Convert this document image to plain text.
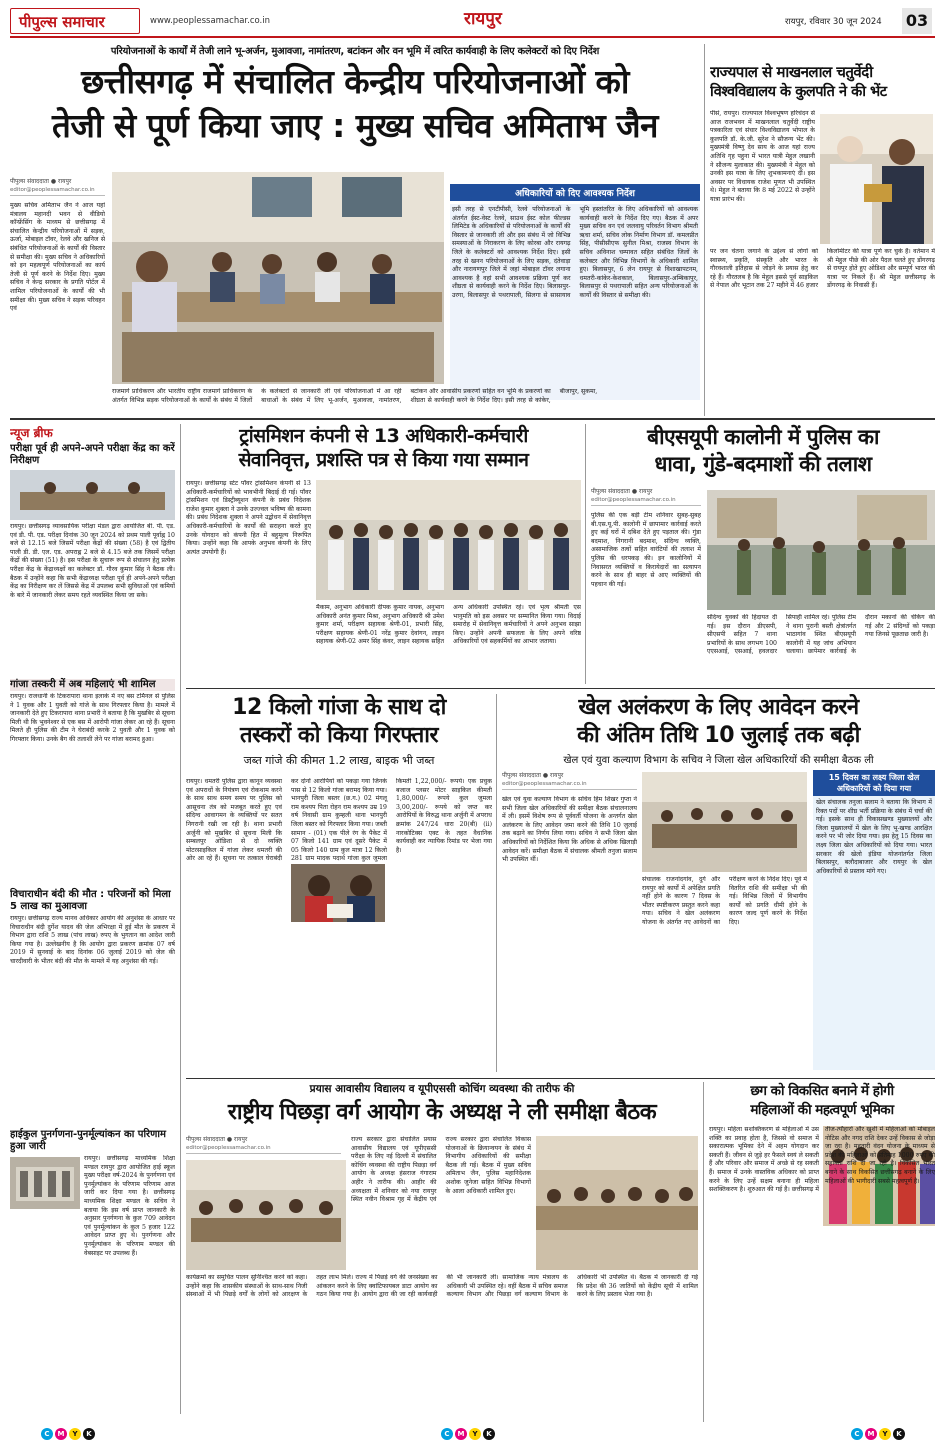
पीपुल्स समाचार	www.peoplessamachar.co.in	रायपुर	रायपुर, रविवार 30 जून 2024 03
परियोजनाओं के कार्यों में तेजी लाने भू-अर्जन, मुआवजा, नामांतरण, बटांकन और वन भूमि में त्वरित कार्यवाही के लिए कलेक्टरों को दिए निर्देश
छत्तीसगढ़ में संचालित केन्द्रीय परियोजनाओं को
तेजी से पूर्ण किया जाए : मुख्य सचिव अमिताभ जैन
पीपुल्स संवाददाता ● रायपुर
editor@peoplessamachar.co.in
मुख्य सचिव अमिताभ जैन ने आज यहां मंत्रालय महानदी भवन से वीडियो कॉन्फ्रेंसिंग के माध्यम से छत्तीसगढ़ में संचालित केन्द्रीय परियोजनाओं में सड़क, ऊर्जा, मोबाइल टॉवर, रेलवे और खनिज से संबंधित परियोजनाओं के कार्यों की विस्तार से समीक्षा की। मुख्य सचिव ने अधिकारियों को इन महत्वपूर्ण परियोजनाओं का कार्य तेजी से पूर्ण करने के निर्देश दिए। मुख्य सचिव ने केन्द्र सरकार के प्रगति पोर्टल में शामिल परियोजनाओं के कार्यों की भी समीक्षा की। मुख्य सचिव ने सड़क परिवहन एवं
अधिकारियों को दिए आवश्यक निर्देश
इसी तरह से एनटीपीसी, रेलवे परियोजनाओं के अंतर्गत ईस्ट-वेस्ट रेलवे, साउथ ईस्ट कोल फील्डस लिमिटेड के अधिकारियों से परियोजनाओं के कार्यों की विस्तार से जानकारी ली और इस संबंध में जो विभिन्न समस्याओं के निराकरण के लिए कोरबा और रायगढ़ जिले के कलेक्टरों को आवश्यक निर्देश दिए। इसी तरह से खनन परियोजनाओं के लिए सड़क, दंतेवाड़ा और नारायणपुर जिले में जहां मोबाइल टॉवर लगाना आवश्यक है वहां सभी आवश्यक प्रक्रिया पूर्ण कर शीघ्रता से कार्यवाही करने के निर्देश दिए। बिलासपुर-उरगा, बिलासपुर से पथरापाली, सिलगा से सासायाव भूमि हस्तांतरित के लिए अधिकारियों को आवश्यक कार्यवाही करने के निर्देश दिए गए। बैठक में अपर मुख्य सचिव वन एवं जलवायु परिवर्तन विभाग श्रीमती ऋचा शर्मा, सचिव लोक निर्माण विभाग डॉ. कमलप्रीत सिंह, पीसीसीएफ सुनील मिश्रा, राजस्व विभाग के सचिव अविनाश चम्पावत सहित संबंधित जिलों के कलेक्टर और विभिन्न विभागों के अधिकारी शामिल हुए। बिलासपुर, 6 लेन रायपुर से विशाखापटनम, धमतरी-कांकेर-केशकाल, बिलासपुर-अम्बिकापुर, बिलासपुर से पथरापाली सहित अन्य परियोजनाओं के कार्यों की विस्तार से समीक्षा की।
राजमार्ग प्राधिकरण और भारतीय राष्ट्रीय राजमार्ग प्राधिकरण के अंतर्गत विभिन्न सड़क परियोजनाओं के कार्यों के संबंध में जिलों के कलेक्टरों से जानकारी ली एवं परियोजनाओं में आ रही बाधाओं के संबंध में लिए भू-अर्जन, मुआवजा, नामांतरण, बटांकन और आवासीय प्रकरणों सहित वन भूमि के प्रकरणों का शीघ्रता से कार्यवाही करने के निर्देश दिए। इसी तरह से कांकेर, बीजापुर, सुकमा,
राज्यपाल से माखनलाल चतुर्वेदी
विश्वविद्यालय के कुलपति ने की भेंट
पीसं, रायपुर। राज्यपाल विश्वभूषण हरिचंदन से आज राजभवन में माखनलाल चतुर्वेदी राष्ट्रीय पत्रकारिता एवं संचार विश्वविद्यालय भोपाल के कुलपति डॉ. के.जी. सुरेश ने सौजन्य भेंट की। मुख्यमंत्री विष्णु देव साय के आज यहां राज्य अतिथि गृह पहुना में भारत यात्री मेहुल लखानी ने सौजन्य मुलाकात की। मुख्यमंत्री ने मेहुल को उनकी इस यात्रा के लिए शुभकामनाएं दीं। इस अवसर पर विधायक राजेश मूणत भी उपस्थित थे। मेहुल ने बताया कि 8 मई 2022 से उन्होंने यात्रा प्रारंभ की।
पर जन चेतना जगाने के उद्देश्य से लोगों को स्वास्थ्य, प्रकृति, संस्कृति और भारत के गौरवशाली इतिहास से जोड़ने के प्रयास हेतु कर रहे हैं। गौरतलब है कि मेहुल इससे पूर्व साइकिल से नेपाल और भूटान तक 27 महीने में 46 हजार किलोमीटर की यात्रा पूर्ण कर चुके हैं। वर्तमान में श्री मेहुल पीछे की ओर पैदल चलते हुए डोंगरगढ़ से रायपुर होते हुए ओडिशा और सम्पूर्ण भारत की यात्रा पर निकले हैं। श्री मेहुल छत्तीसगढ़ के डोंगरगढ़ के निवासी हैं।
न्यूज ब्रीफ
परीक्षा पूर्व ही अपने-अपने परीक्षा केंद्र का करें निरीक्षण
रायपुर। छत्तीसगढ़ व्यावसायिक परीक्षा मंडल द्वारा आयोजित बी. पी. एड. एवं डी. पी. एड. परीक्षा दिनांक 30 जून 2024 को प्रथम पाली पूर्वाह्न 10 बजे से 12.15 बजे जिसमें परीक्षा केंद्रों की संख्या (58) है एवं द्वितीय पाली डी. डी. एल. एड. अपराह्न 2 बजे से 4.15 बजे तक जिसमें परीक्षा केंद्रों की संख्या (51) है। इस परीक्षा के सुचारू रूप से संचालन हेतु प्रत्येक परीक्षा केंद्र के केंद्राध्यक्षों का कलेक्टर डॉ. गौरव कुमार सिंह ने बैठक ली। बैठक में उन्होंने कहा कि सभी केंद्राध्यक्ष परीक्षा पूर्व ही अपने-अपने परीक्षा केंद्र का निरीक्षण कर लें जिससे केंद्र में उपलब्ध सभी सुविधाओं एवं कमियों के बारे में जानकारी लेकर समय रहते व्यवस्थित किया जा सके।
गांजा तस्करी में अब महिलाएं भी शामिल
रायपुर। राजधानी के टिकरापारा थाना इलाके में नए बस टर्मिनल से पुलिस ने 1 युवक और 1 युवती को गांजे के साथ गिरफ्तार किया है। मामले में जानकारी देते हुए टिकरापारा थाना प्रभारी ने बताया है कि मुखबिर से सूचना मिली थी कि भुवनेश्वर से एक बस में आरोपी गांजा लेकर आ रहे हैं। सूचना मिलते ही पुलिस की टीम ने घेराबंदी करके 2 युवती और 1 युवक को गिरफ्तार किया। उनके बैग की तलाशी लेने पर गांजा बरामद हुआ।
विचाराधीन बंदी की मौत : परिजनों को मिला 5 लाख का मुआवजा
रायपुर। छत्तीसगढ़ राज्य मानव अधिकार आयोग की अनुशंसा के आधार पर विचाराधीन बंदी दुर्गेश यादव की जेल अभिरक्षा में हुई मौत के प्रकरण में विभाग द्वारा राशि 5 लाख (पांच लाख) रुपए के भुगतान का आदेश जारी किया गया है। उल्लेखनीय है कि आयोग द्वारा प्रकरण क्रमांक 07 वर्ष 2019 में सुनवाई के बाद दिनांक 06 जुलाई 2019 को जेल की चारदीवारी के भीतर बंदी की मौत के मामले में यह अनुशंसा की गई।
हाईकुल पुनर्गणना-पुनर्मूल्यांकन का परिणाम हुआ जारी
रायपुर। छत्तीसगढ़ माध्यमिक शिक्षा मण्डल रायपुर द्वारा आयोजित हाई स्कूल मुख्य परीक्षा वर्ष-2024 के पुनर्गणना एवं पुनर्मूल्यांकन के परिणाम परिणाम आज जारी कर दिया गया है। छत्तीसगढ़ माध्यमिक शिक्षा मण्डल के सचिव ने बताया कि इस वर्ष प्राप्त जानकारी के अनुसार पुनर्गणना के कुल 709 आवेदन एवं पुनर्मूल्यांकन के कुल 5 हजार 122 आवेदन प्राप्त हुए थे। पुनर्गणना और पुनर्मूल्यांकन के परिणाम मण्डल की वेबसाइट पर उपलब्ध हैं।
ट्रांसमिशन कंपनी से 13 अधिकारी-कर्मचारी
सेवानिवृत्त, प्रशस्ति पत्र से किया गया सम्मान
रायपुर। छत्तीसगढ़ स्टेट पॉवर ट्रांसमिशन कंपनी से 13 अधिकारी-कर्मचारियों को भावभीनी बिदाई दी गई। पॉवर ट्रांसमिशन एवं डिस्ट्रीब्यूशन कंपनी के प्रबंध निदेशक राजेश कुमार शुक्ला ने उनके उज्ज्वल भविष्य की कामना की। प्रबंध निदेशक शुक्ला ने अपने उद्बोधन में सेवानिवृत्त अधिकारी-कर्मचारियों के कार्यों की सराहना करते हुए उनके योगदान को कंपनी हित में बहुमूल्य निरूपित किया। उन्होंने कहा कि आपके अनुभव कंपनी के लिए अत्यंत उपयोगी हैं।
मैकाम, अनुभाग अधिकारी दीपक कुमार नायक, अनुभाग अधिकारी अनंत कुमार मिश्रा, अनुभाग अधिकारी श्री उमेश कुमार शर्मा, परीक्षण सहायक श्रेणी-01, प्रभारी सिंह, परीक्षण सहायक श्रेणी-01 नरेंद्र कुमार देवांगन, लाइन सहायक श्रेणी-02 अमर सिंह कंवर, लाइन सहायक सहित अन्य अधिकारी उपस्थित रहे। एवं भृत्य श्रीमती एस भानुमति को इस अवसर पर सम्मानित किया गया। विदाई समारोह में सेवानिवृत्त कर्मचारियों ने अपने अनुभव साझा किए। उन्होंने अपनी सफलता के लिए अपने वरिष्ठ अधिकारियों एवं सहकर्मियों का आभार जताया।
बीएसयूपी कालोनी में पुलिस का
धावा, गुंडे-बदमाशों की तलाश
पीपुल्स संवाददाता ● रायपुर
editor@peoplessamachar.co.in
पुलिस की एक बड़ी टीम शनिवार सुबह-सुबह बी.एस.यू.पी. कालोनी में छापामार कार्रवाई करते हुए कई घरों में दबिश देते हुए पड़ताल की। गुंडा बदमाश, निगरानी बदमाश, संदिग्ध व्यक्ति, असामाजिक तत्वों सहित वारंटियों की तलाश में पुलिस की धरपकड़ की। इन कालोनियों में निवासरत व्यक्तियों व किरायेदारों का सत्यापन करने के साथ ही बाहर से आए व्यक्तियों की पहचान की गई।
संदिग्ध युवकों की हिदायत दी गई। इस दौरान डीएसपी, सीएसपी सहित 7 थाना प्रभारियों के साथ लगभग 100 एएसआई, एसआई, हवलदार सिपाही शामिल रहे। पुलिस टीम ने थाना पुरानी बस्ती क्षेत्रांतर्गत भाठागांव स्थित बीएसयूपी कालोनी में यह जांच अभियान चलाया। छापेमार कार्रवाई के दौरान मकानों की चेकिंग की गई और 2 संदिग्धों को पकड़ा गया जिनसे पूछताछ जारी है।
12 किलो गांजा के साथ दो
तस्करों को किया गिरफ्तार
जब्त गांजे की कीमत 1.2 लाख, बाइक भी जब्त
रायपुर। धमतरी पुलिस द्वारा कानून व्यवस्था एवं अपराधों के नियंत्रण एवं रोकथाम करने के साथ साथ समय समय पर पुलिस को आसूचना तंत्र को मजबूत करते हुए एवं संदिग्ध आवागमन के व्यक्तियों पर सतत निगरानी रखी जा रही है। थाना प्रभारी अर्जुनी को मुखबिर से सूचना मिली कि सम्बलपुर ओडिशा से दो व्यक्ति मोटरसाइकिल में गांजा लेकर धमतरी की ओर आ रहे हैं। सूचना पर तत्काल घेराबंदी कर दोनों आरोपियों को पकड़ा गया जिनके पास से 12 किलो गांजा बरामद किया गया। भानपुरी जिला बस्तर (छ.ग.) 02 मंगलू राम कश्यप पिता रोहन राम कश्यप उम्र 19 वर्ष निवासी ग्राम कुम्हली थाना भानपुरी जिला बस्तर को गिरफ्तार किया गया। जब्ती सामान - (01) एक पीले रंग के पैकेट में 07 किलो 141 ग्राम एवं दूसरे पैकेट में 05 किलो 140 ग्राम कुल मात्रा 12 किलो 281 ग्राम मादक पदार्थ गांजा कुल जुमला किमती 1,22,000/- रूपये। एक प्रचुक बजाज प्लसर मोटर साइकिल कीमती 1,80,000/- रूपये कुल जुमला 3,00,200/- रूपये को जप्त कर आरोपियों के विरुद्ध थाना अर्जुनी में अपराध क्रमांक 247/24 धारा 20(बी) (ii) नारकोटिक्स एक्ट के तहत वैधानिक कार्यवाही कर न्यायिक रिमांड पर भेजा गया है।
खेल अलंकरण के लिए आवेदन करने
की अंतिम तिथि 10 जुलाई तक बढ़ी
खेल एवं युवा कल्याण विभाग के सचिव ने जिला खेल अधिकारियों की समीक्षा बैठक ली
पीपुल्स संवाददाता ● रायपुर
editor@peoplessamachar.co.in
खेल एवं युवा कल्याण विभाग के सचिव हिम शिखर गुप्ता ने सभी जिला खेल अधिकारियों की समीक्षा बैठक संचालनालय में ली। इसमें विशेष रूप से पूर्ववर्ती योजना के अन्तर्गत खेल अलंकरण के लिए आवेदन जमा करने की तिथि 10 जुलाई तक बढ़ाने का निर्णय लिया गया। सचिव ने सभी जिला खेल अधिकारियों को निर्देशित किया कि अधिक से अधिक खिलाड़ी आवेदन करें। समीक्षा बैठक में संचालक श्रीमती तनुजा सलाम भी उपस्थित थीं।
संचालक राजनांदगांव, दुर्ग और रायपुर को कार्यों में अपेक्षित प्रगति नहीं होने के कारण 7 दिवस के भीतर स्पष्टीकरण प्रस्तुत करने कहा गया। सचिव ने खेल अलंकरण योजना के अंतर्गत नए आवेदनों का परीक्षण करने के निर्देश दिए। पूर्व में वितरित राशि की समीक्षा भी की गई। विभिन्न जिलों में विभागीय कार्यों को प्रगति धीमी होने के कारण जल्द पूर्ण करने के निर्देश दिए।
15 दिवस का लक्ष्य जिला खेल अधिकारियों को दिया गया
खेल संचालक तनुजा सलाम ने बताया कि विभाग में रिक्त पदों पर शीघ्र भर्ती प्रक्रिया के संबंध में चर्चा की गई। इसके साथ ही विकासखण्ड मुख्यालयों और जिला मुख्यालयों में खेल के लिए भू-खण्ड आरक्षित करने पर भी जोर दिया गया। इस हेतु 15 दिवस का लक्ष्य जिला खेल अधिकारियों को दिया गया। भारत सरकार की खेलो इंडिया योजनांतर्गत जिला बिलासपुर, बलौदाबाजार और रायपुर के खेल अधिकारियों से प्रस्ताव मांगे गए।
प्रयास आवासीय विद्यालय व यूपीएससी कोचिंग व्यवस्था की तारीफ की
राष्ट्रीय पिछड़ा वर्ग आयोग के अध्यक्ष ने ली समीक्षा बैठक
पीपुल्स संवाददाता ● रायपुर
editor@peoplessamachar.co.in
राज्य सरकार द्वारा संचालित प्रयास आवासीय विद्यालय एवं यूपीएससी परीक्षा के लिए नई दिल्ली में संचालित कोचिंग व्यवस्था की राष्ट्रीय पिछड़ा वर्ग आयोग के अध्यक्ष हंसराज गंगाराम अहीर ने तारीफ की। आहीर की अध्यक्षता में शनिवार को नया रायपुर स्थित नवीन विश्राम गृह में केंद्रीय एवं राज्य सरकार द्वारा संचालित विकास योजनाओं के क्रियान्वयन के संबंध में विभागीय अधिकारियों की समीक्षा बैठक ली गई। बैठक में मुख्य सचिव अमिताभ जैन, पुलिस महानिदेशक अशोक जुनेजा सहित विभिन्न विभागों के आला अधिकारी शामिल हुए।
कार्यक्रमों का समुचित पालन सुनिश्चित करने को कहा। उन्होंने कहा कि शासकीय संस्थाओं के साथ-साथ निजी संस्थाओं में भी पिछड़े वर्गों के लोगों को आरक्षण के तहत लाभ मिले। राज्य में पिछड़े वर्ग की जनसंख्या का आंकलन करने के लिए क्वांटिफायबल डाटा आयोग का गठन किया गया है। आयोग द्वारा की जा रही कार्यवाही की भी जानकारी ली। सामाजिक न्याय मंत्रालय के अधिकारी भी उपस्थित रहे। वहीं बैठक में सचिव समाज कल्याण विभाग और पिछड़ा वर्ग कल्याण विभाग के अधिकारी भी उपस्थित थे। बैठक में जानकारी दी गई कि प्रदेश की 36 जातियों को केंद्रीय सूची में शामिल करने के लिए प्रस्ताव भेजा गया है।
छग को विकसित बनाने में होगी
महिलाओं की महत्वपूर्ण भूमिका
रायपुर। महिला सशक्तिकरण से महिलाओं में उस शक्ति का प्रवाह होता है, जिससे वो समाज में सकारात्मक भूमिका देने में अहम योगदान कर सकती हैं। जीवन से जुड़े हर फैसले स्वयं ले सकती हैं और परिवार और समाज में अच्छे से रह सकती हैं। समाज में उनके वास्तविक अधिकार को प्राप्त करने के लिए उन्हें सक्षम बनाना ही महिला सशक्तिकरण है। शुरुआत की गई है। छत्तीसगढ़ में तीज-त्यौहारों और खुशी में महिलाओं को मोबाइल नोटिस और नगद राशि देकर उन्हें विकास से जोड़ा जा रहा है। महतारी वंदन योजना के माध्यम से प्रदेश की महिलाओं को प्रतिमाह 1000 रुपए की सहायता राशि दी जा रही है। विकसित भारत बनाने के साथ विकसित छत्तीसगढ़ बनाने के लिए महिलाओं की भागीदारी सबसे महत्वपूर्ण है।
C M Y K	C M Y K	C M Y K
